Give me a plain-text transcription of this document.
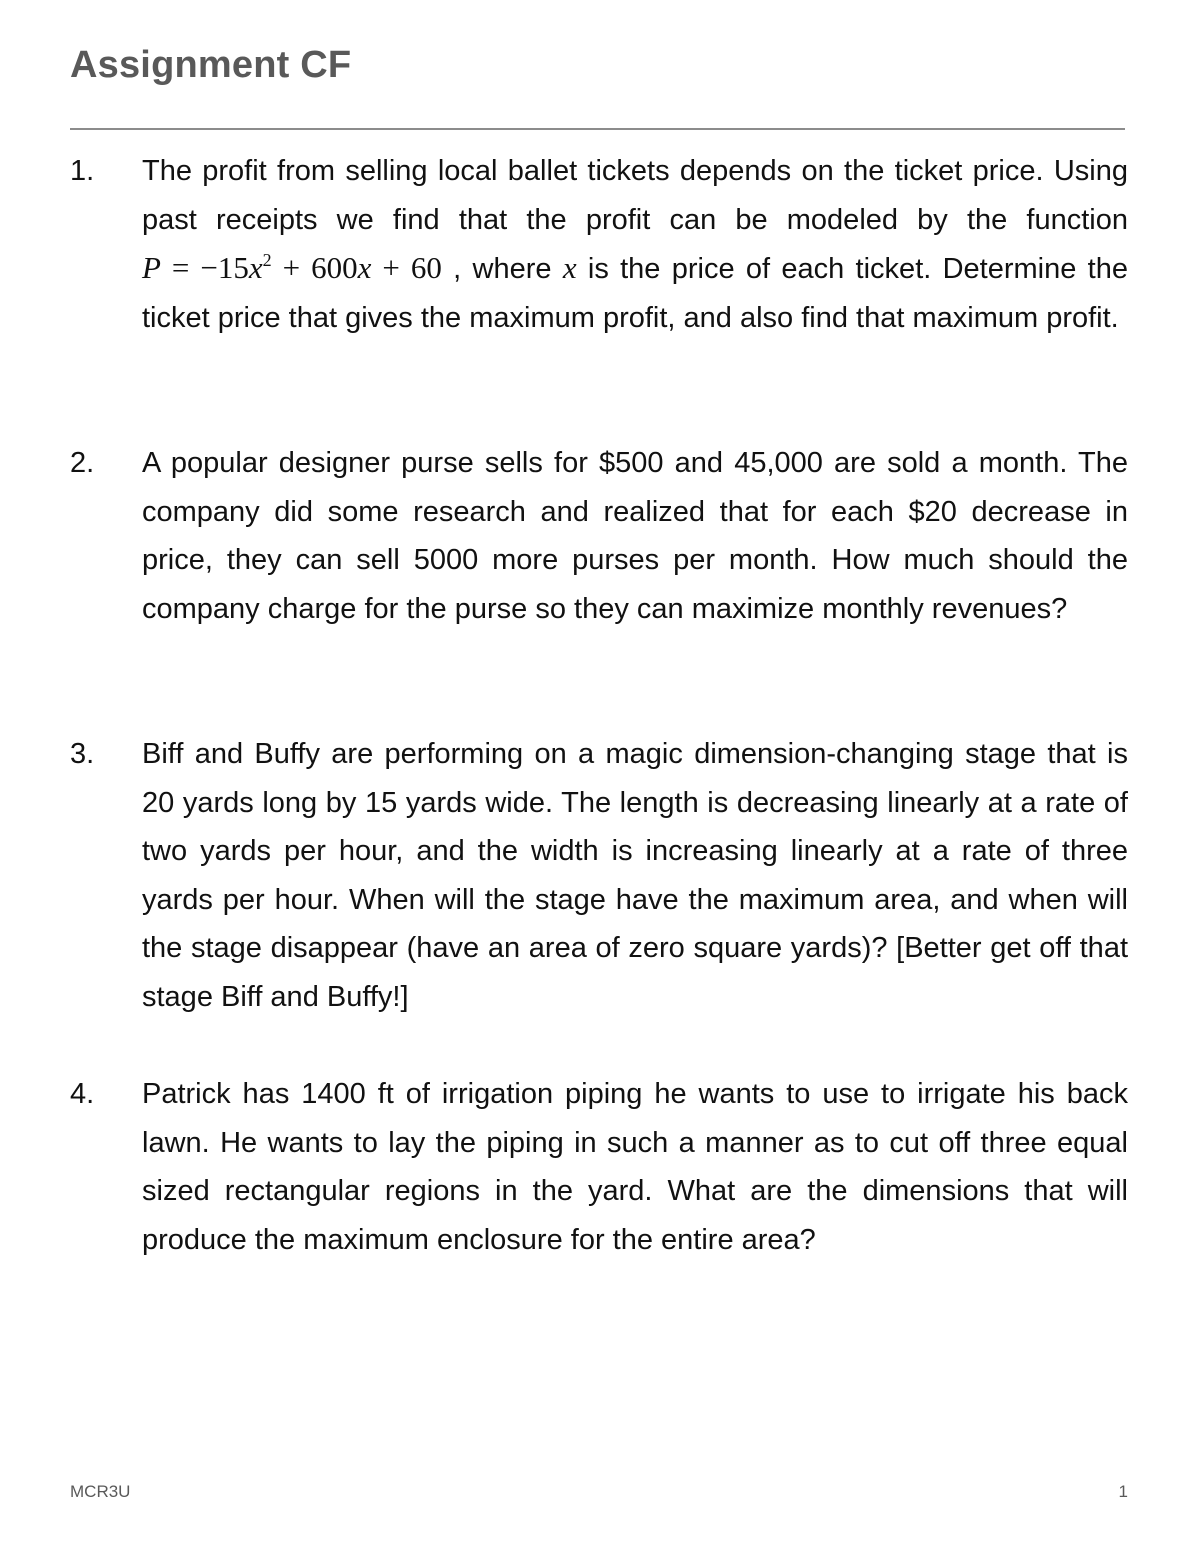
Assignment CF
1.	The profit from selling local ballet tickets depends on the ticket price. Using past receipts we find that the profit can be modeled by the function $P = -15x^2 + 600x + 60$ , where x is the price of each ticket. Determine the ticket price that gives the maximum profit, and also find that maximum profit.
2.	A popular designer purse sells for $500 and 45,000 are sold a month. The company did some research and realized that for each $20 decrease in price, they can sell 5000 more purses per month. How much should the company charge for the purse so they can maximize monthly revenues?
3.	Biff and Buffy are performing on a magic dimension-changing stage that is 20 yards long by 15 yards wide. The length is decreasing linearly at a rate of two yards per hour, and the width is increasing linearly at a rate of three yards per hour. When will the stage have the maximum area, and when will the stage disappear (have an area of zero square yards)? [Better get off that stage Biff and Buffy!]
4.	Patrick has 1400 ft of irrigation piping he wants to use to irrigate his back lawn. He wants to lay the piping in such a manner as to cut off three equal sized rectangular regions in the yard. What are the dimensions that will produce the maximum enclosure for the entire area?
MCR3U	1
